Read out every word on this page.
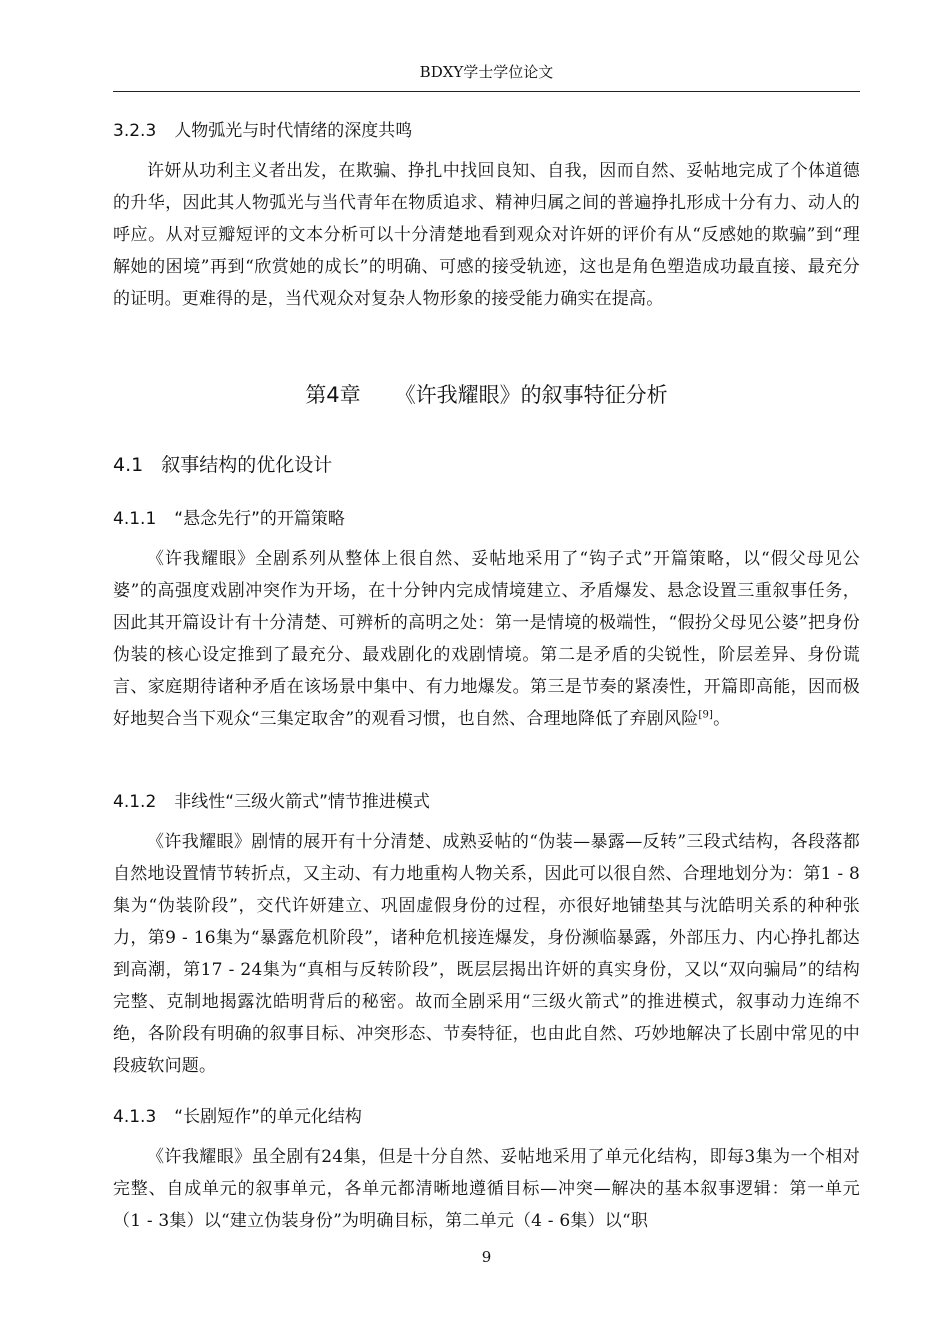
BDXY学士学位论文
3.2.3 人物弧光与时代情绪的深度共鸣

许妍从功利主义者出发，在欺骗、挣扎中找回良知、自我，因而自然、妥帖地完成了个体道德的升华，因此其人物弧光与当代青年在物质追求、精神归属之间的普遍挣扎形成十分有力、动人的呼应。从对豆瓣短评的文本分析可以十分清楚地看到观众对许妍的评价有从“反感她的欺骗”到“理解她的困境”再到“欣赏她的成长”的明确、可感的接受轨迹，这也是角色塑造成功最直接、最充分的证明。更难得的是，当代观众对复杂人物形象的接受能力确实在提高。

第4章 《许我耀眼》的叙事特征分析
4.1 叙事结构的优化设计
4.1.1 “悬念先行”的开篇策略

《许我耀眼》全剧系列从整体上很自然、妥帖地采用了“钩子式”开篇策略，以“假父母见公婆”的高强度戏剧冲突作为开场，在十分钟内完成情境建立、矛盾爆发、悬念设置三重叙事任务，因此其开篇设计有十分清楚、可辨析的高明之处：第一是情境的极端性，“假扮父母见公婆”把身份伪装的核心设定推到了最充分、最戏剧化的戏剧情境。第二是矛盾的尖锐性，阶层差异、身份谎言、家庭期待诸种矛盾在该场景中集中、有力地爆发。第三是节奏的紧凑性，开篇即高能，因而极好地契合当下观众“三集定取舍”的观看习惯，也自然、合理地降低了弃剧风险[9]。

4.1.2 非线性“三级火箭式”情节推进模式

《许我耀眼》剧情的展开有十分清楚、成熟妥帖的“伪装—暴露—反转”三段式结构，各段落都自然地设置情节转折点，又主动、有力地重构人物关系，因此可以很自然、合理地划分为：第1 - 8集为“伪装阶段”，交代许妍建立、巩固虚假身份的过程，亦很好地铺垫其与沈皓明关系的种种张力，第9 - 16集为“暴露危机阶段”，诸种危机接连爆发，身份濒临暴露，外部压力、内心挣扎都达到高潮，第17 - 24集为“真相与反转阶段”，既层层揭出许妍的真实身份，又以“双向骗局”的结构完整、克制地揭露沈皓明背后的秘密。故而全剧采用“三级火箭式”的推进模式，叙事动力连绵不绝，各阶段有明确的叙事目标、冲突形态、节奏特征，也由此自然、巧妙地解决了长剧中常见的中段疲软问题。

4.1.3 “长剧短作”的单元化结构

《许我耀眼》虽全剧有24集，但是十分自然、妥帖地采用了单元化结构，即每3集为一个相对完整、自成单元的叙事单元，各单元都清晰地遵循目标—冲突—解决的基本叙事逻辑：第一单元（1 - 3集）以“建立伪装身份”为明确目标，第二单元（4 - 6集）以“职

9
